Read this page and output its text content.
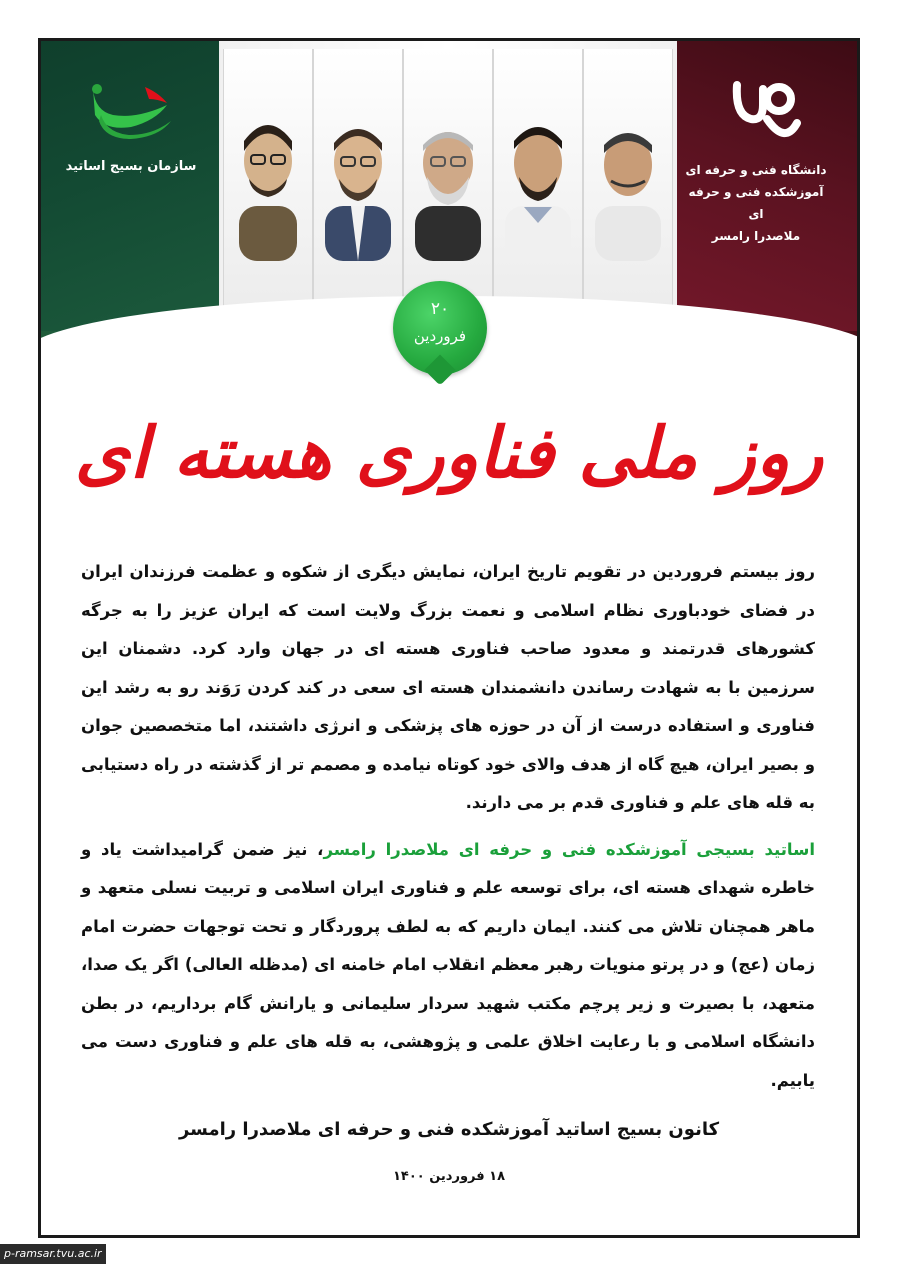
سازمان بسیج اساتید	دانشگاه فنی و حرفه ای
آموزشکده فنی و حرفه ای
ملاصدرا رامسر
۲۰
فروردین
روز ملی فناوری هسته ای

روز بیستم فروردین در تقویم تاریخ ایران، نمایش دیگری از شکوه و عظمت فرزندان ایران در فضای خودباوری نظام اسلامی و نعمت بزرگ ولایت است که ایران عزیز را به جرگه کشورهای قدرتمند و معدود صاحب فناوری هسته ای در جهان وارد کرد. دشمنان این سرزمین با به شهادت رساندن دانشمندان هسته ای سعی در کند کردن رَوَند رو به رشد این فناوری و استفاده درست از آن در حوزه های پزشکی و انرژی داشتند، اما متخصصین جوان و بصیر ایران، هیچ گاه از هدف والای خود کوتاه نیامده و مصمم تر از گذشته در راه دستیابی به قله های علم و فناوری قدم بر می دارند.

اساتید بسیجی آموزشکده فنی و حرفه ای ملاصدرا رامسر، نیز ضمن گرامیداشت یاد و خاطره شهدای هسته ای، برای توسعه علم و فناوری ایران اسلامی و تربیت نسلی متعهد و ماهر همچنان تلاش می کنند. ایمان داریم که به لطف پروردگار و تحت توجهات حضرت امام زمان (عج) و در پرتو منویات رهبر معظم انقلاب امام خامنه ای (مدظله العالی) اگر یک صدا، متعهد، با بصیرت و زیر پرچم مکتب شهید سردار سلیمانی و یارانش گام برداریم، در بطن دانشگاه اسلامی و با رعایت اخلاق علمی و پژوهشی، به قله های علم و فناوری دست می یابیم.

کانون بسیج اساتید آموزشکده فنی و حرفه ای ملاصدرا رامسر
۱۸ فروردین ۱۴۰۰
p-ramsar.tvu.ac.ir
